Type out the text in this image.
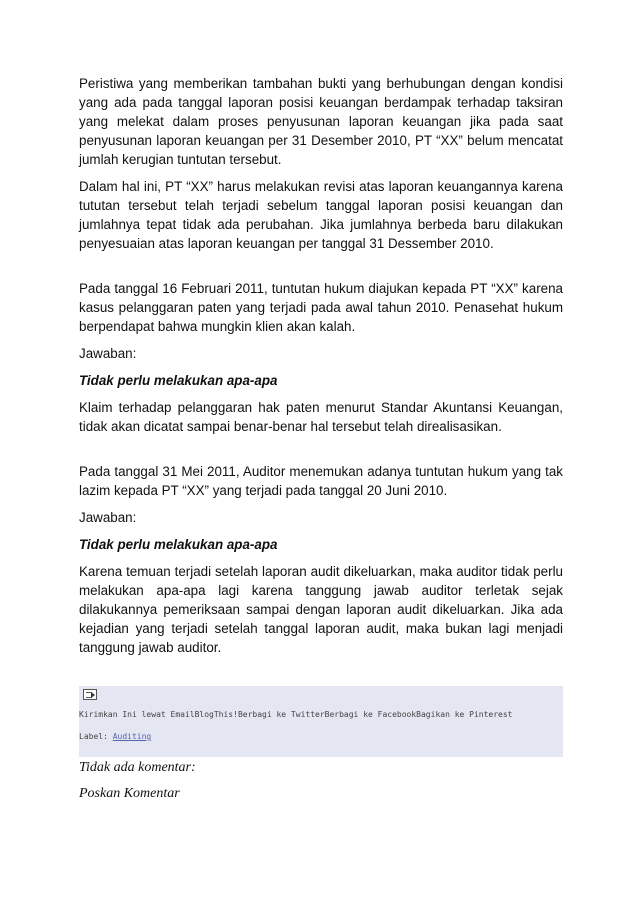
Peristiwa yang memberikan tambahan bukti yang berhubungan dengan kondisi yang ada pada tanggal laporan posisi keuangan berdampak terhadap taksiran yang melekat dalam proses penyusunan laporan keuangan jika pada saat penyusunan laporan keuangan per 31 Desember 2010, PT “XX” belum mencatat jumlah kerugian tuntutan tersebut.

Dalam hal ini, PT “XX” harus melakukan revisi atas laporan keuangannya karena tututan tersebut telah terjadi sebelum tanggal laporan posisi keuangan dan jumlahnya tepat tidak ada perubahan. Jika jumlahnya berbeda baru dilakukan penyesuaian atas laporan keuangan per tanggal 31 Dessember 2010.

Pada tanggal 16 Februari 2011, tuntutan hukum diajukan kepada PT “XX” karena kasus pelanggaran paten yang terjadi pada awal tahun 2010. Penasehat hukum berpendapat bahwa mungkin klien akan kalah.

Jawaban:

Tidak perlu melakukan apa-apa

Klaim terhadap pelanggaran hak paten menurut Standar Akuntansi Keuangan, tidak akan dicatat sampai benar-benar hal tersebut telah direalisasikan.

Pada tanggal 31 Mei 2011, Auditor menemukan adanya tuntutan hukum yang tak lazim kepada PT “XX” yang terjadi pada tanggal 20 Juni 2010.

Jawaban:

Tidak perlu melakukan apa-apa

Karena temuan terjadi setelah laporan audit dikeluarkan, maka auditor tidak perlu melakukan apa-apa lagi karena tanggung jawab auditor terletak sejak dilakukannya pemeriksaan sampai dengan laporan audit dikeluarkan. Jika ada kejadian yang terjadi setelah tanggal laporan audit, maka bukan lagi menjadi tanggung jawab auditor.

Kirimkan Ini lewat EmailBlogThis!Berbagi ke TwitterBerbagi ke FacebookBagikan ke Pinterest
Label: Auditing
Tidak ada komentar:
Poskan Komentar
